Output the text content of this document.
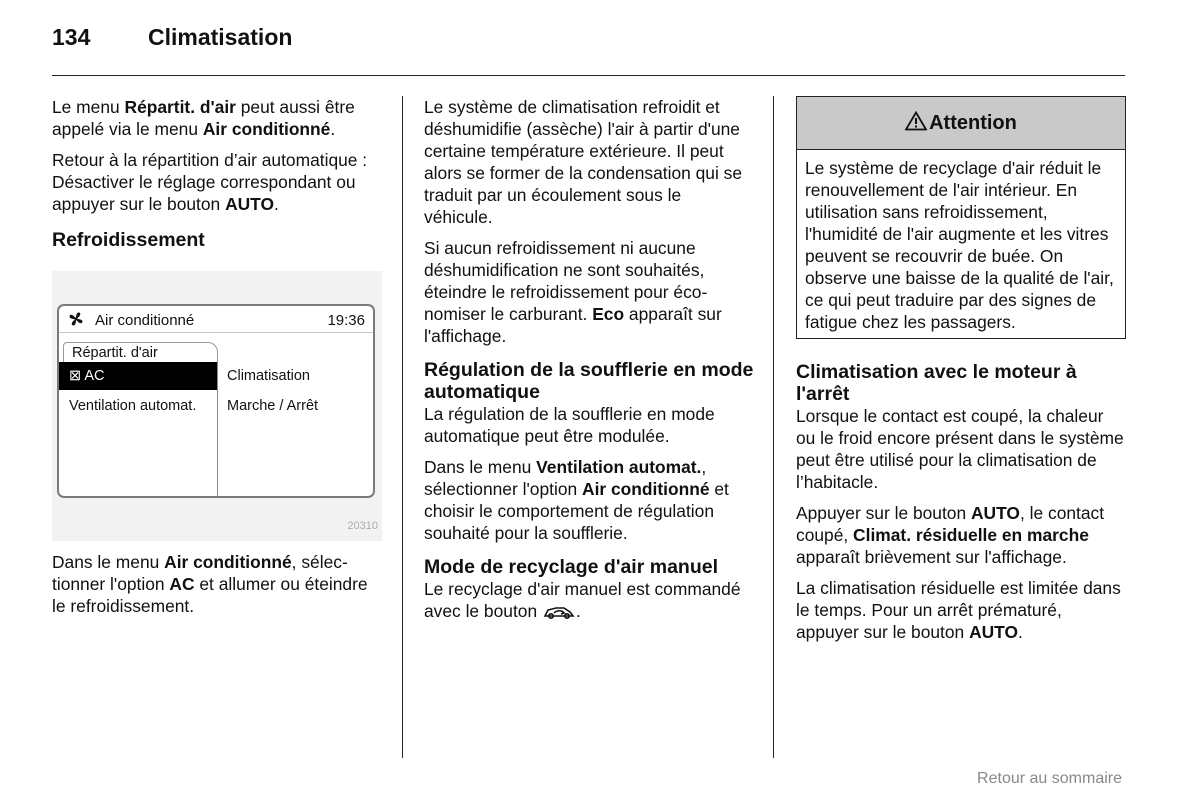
134	Climatisation

Le menu Répartit. d'air peut aussi être appelé via le menu Air conditionné.

Retour à la répartition d’air automatique : Désactiver le réglage correspondant ou appuyer sur le bouton AUTO.

Refroidissement
Air conditionné	19:36
Répartit. d'air
⊠ AC	Climatisation
Ventilation automat.	Marche / Arrêt
20310

Dans le menu Air conditionné, sélectionner l'option AC et allumer ou éteindre le refroidissement.

Le système de climatisation refroidit et déshumidifie (assèche) l'air à partir d'une certaine température extérieure. Il peut alors se former de la condensation qui se traduit par un écoulement sous le véhicule.

Si aucun refroidissement ni aucune déshumidification ne sont souhaités, éteindre le refroidissement pour économiser le carburant. Eco apparaît sur l'affichage.

Régulation de la soufflerie en mode automatique

La régulation de la soufflerie en mode automatique peut être modulée.

Dans le menu Ventilation automat., sélectionner l'option Air conditionné et choisir le comportement de régulation souhaité pour la soufflerie.

Mode de recyclage d'air manuel

Le recyclage d'air manuel est commandé avec le bouton .

Attention
Le système de recyclage d'air réduit le renouvellement de l'air intérieur. En utilisation sans refroidissement, l'humidité de l'air augmente et les vitres peuvent se recouvrir de buée. On observe une baisse de la qualité de l'air, ce qui peut traduire par des signes de fatigue chez les passagers.
Climatisation avec le moteur à l'arrêt

Lorsque le contact est coupé, la chaleur ou le froid encore présent dans le système peut être utilisé pour la climatisation de l’habitacle.

Appuyer sur le bouton AUTO, le contact coupé, Climat. résiduelle en marche apparaît brièvement sur l'affichage.

La climatisation résiduelle est limitée dans le temps. Pour un arrêt prématuré, appuyer sur le bouton AUTO.

Retour au sommaire
